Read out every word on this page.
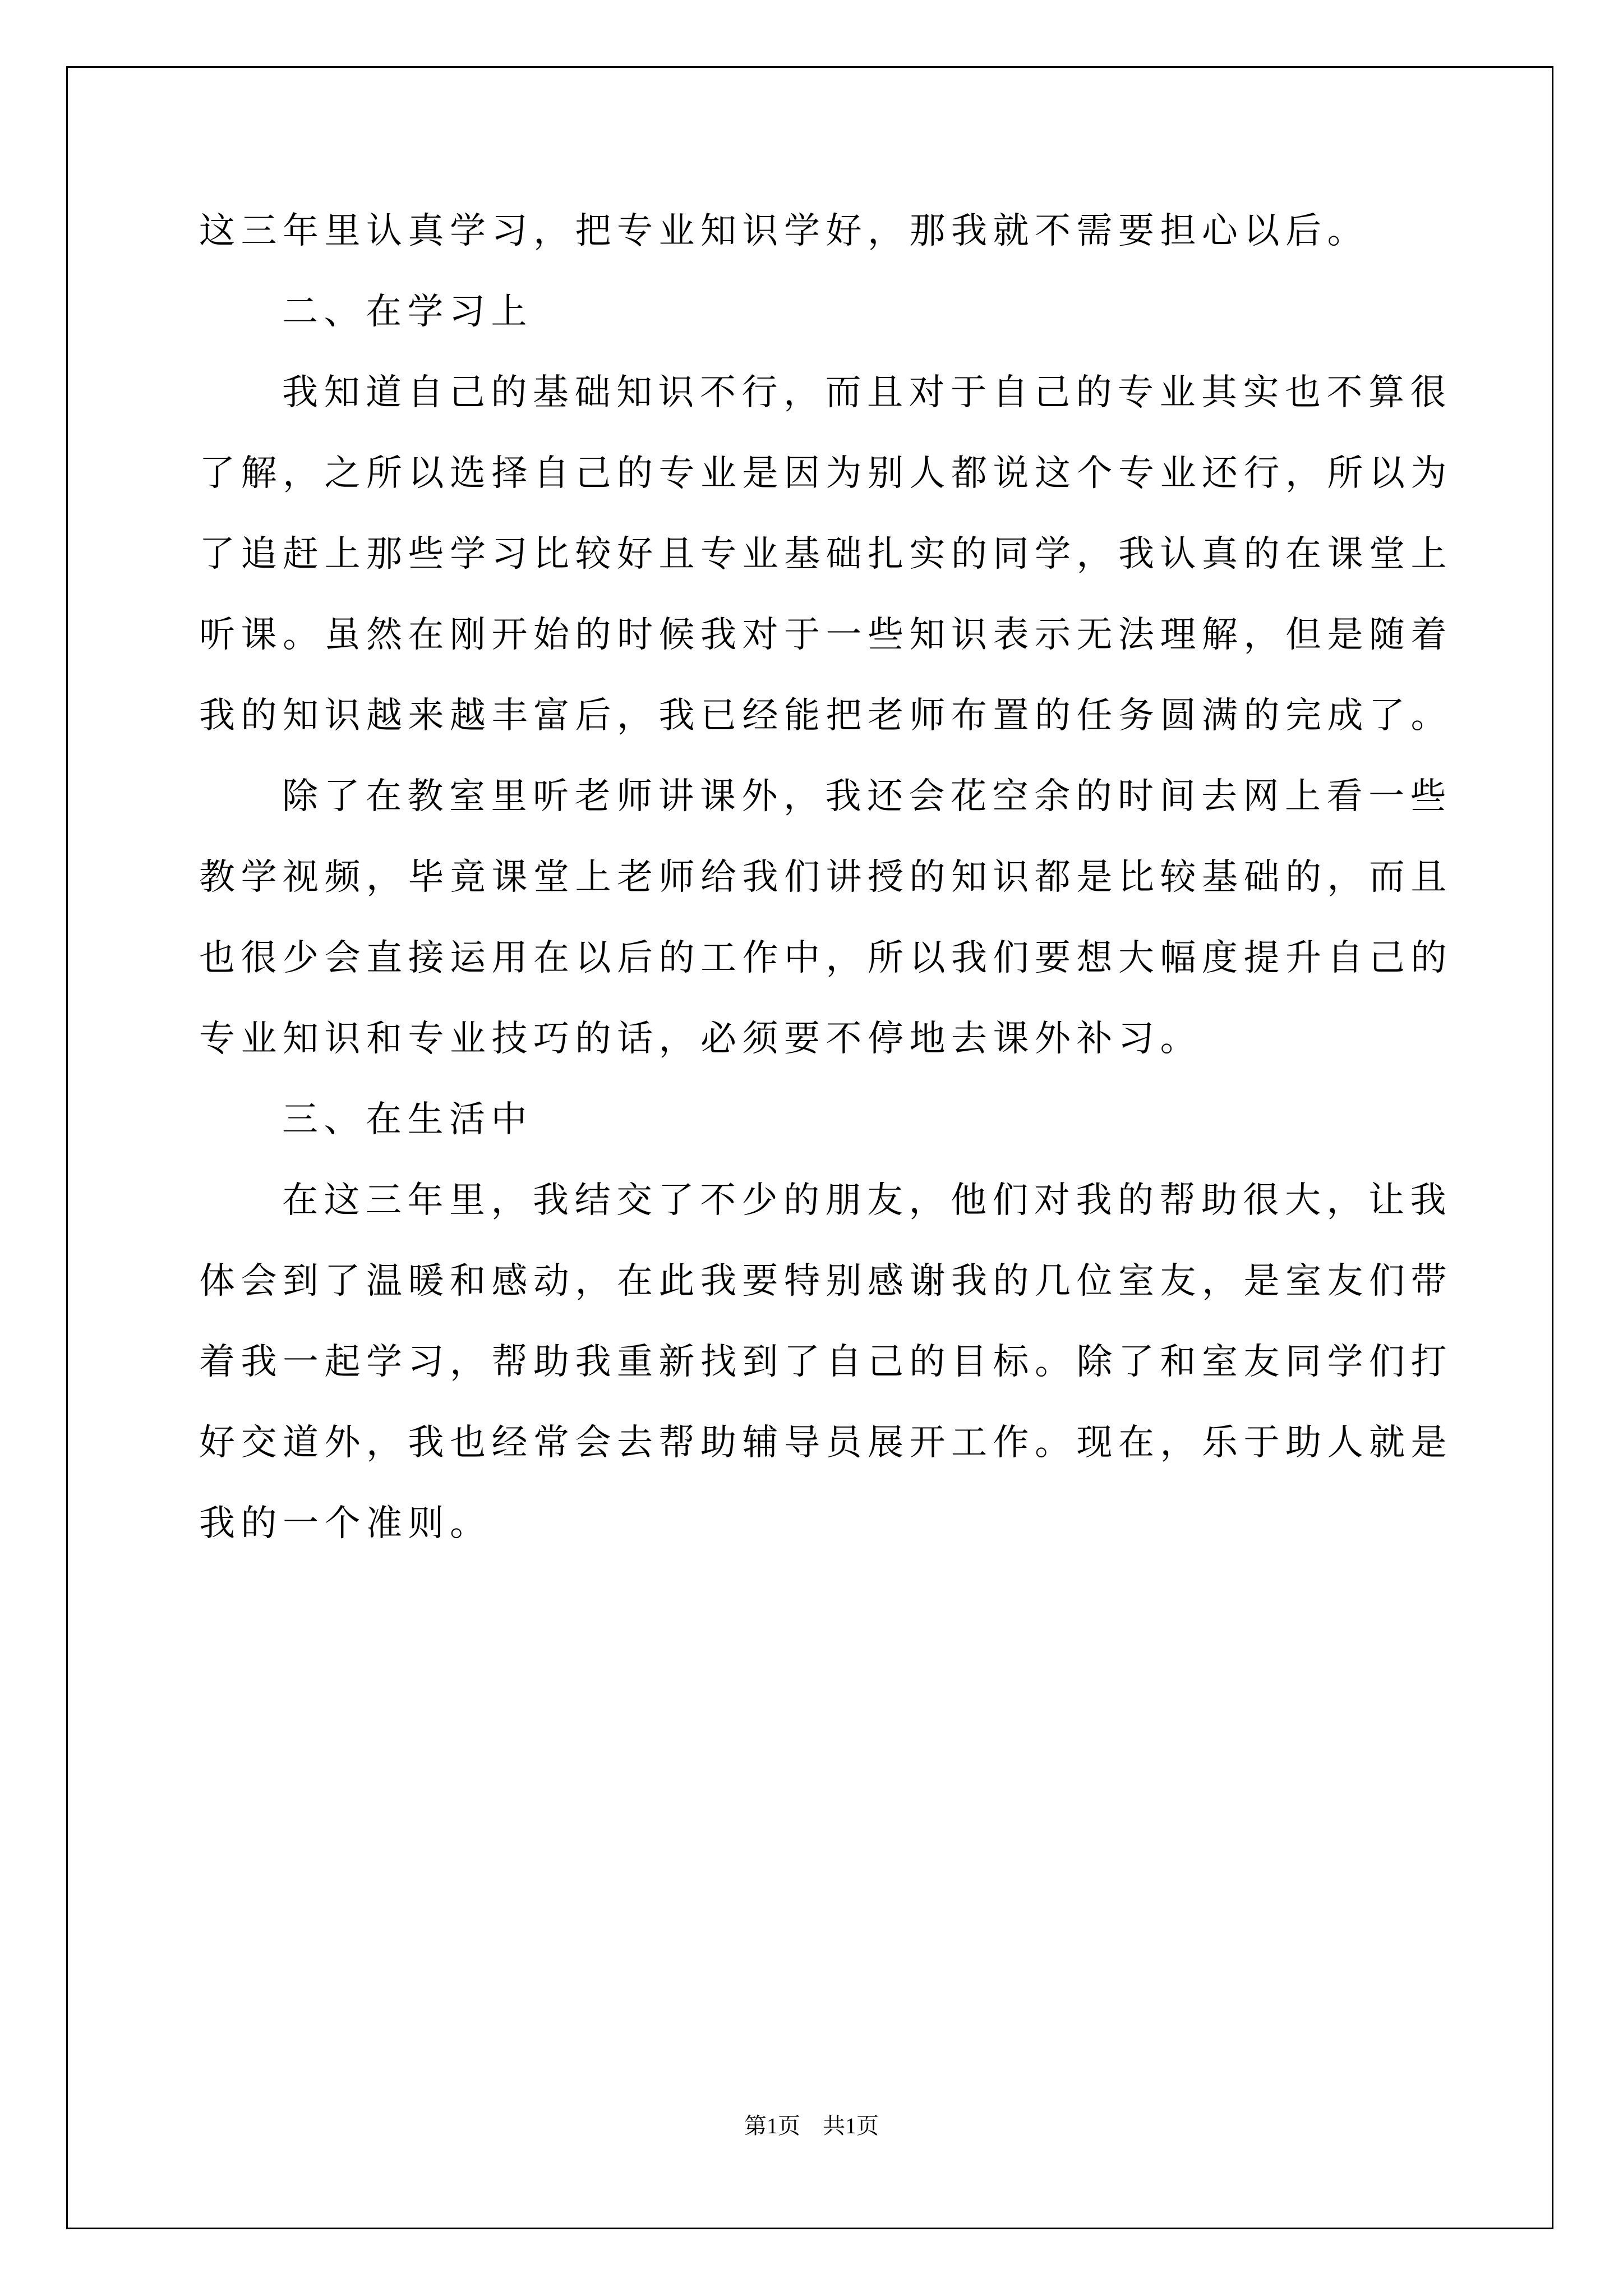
这三年里认真学习，把专业知识学好，那我就不需要担心以后。
二、在学习上
我知道自己的基础知识不行，而且对于自己的专业其实也不算很
了解，之所以选择自己的专业是因为别人都说这个专业还行，所以为
了追赶上那些学习比较好且专业基础扎实的同学，我认真的在课堂上
听课。虽然在刚开始的时候我对于一些知识表示无法理解，但是随着
我的知识越来越丰富后，我已经能把老师布置的任务圆满的完成了。
除了在教室里听老师讲课外，我还会花空余的时间去网上看一些
教学视频，毕竟课堂上老师给我们讲授的知识都是比较基础的，而且
也很少会直接运用在以后的工作中，所以我们要想大幅度提升自己的
专业知识和专业技巧的话，必须要不停地去课外补习。
三、在生活中
在这三年里，我结交了不少的朋友，他们对我的帮助很大，让我
体会到了温暖和感动，在此我要特别感谢我的几位室友，是室友们带
着我一起学习，帮助我重新找到了自己的目标。除了和室友同学们打
好交道外，我也经常会去帮助辅导员展开工作。现在，乐于助人就是
我的一个准则。
第1页　共1页
